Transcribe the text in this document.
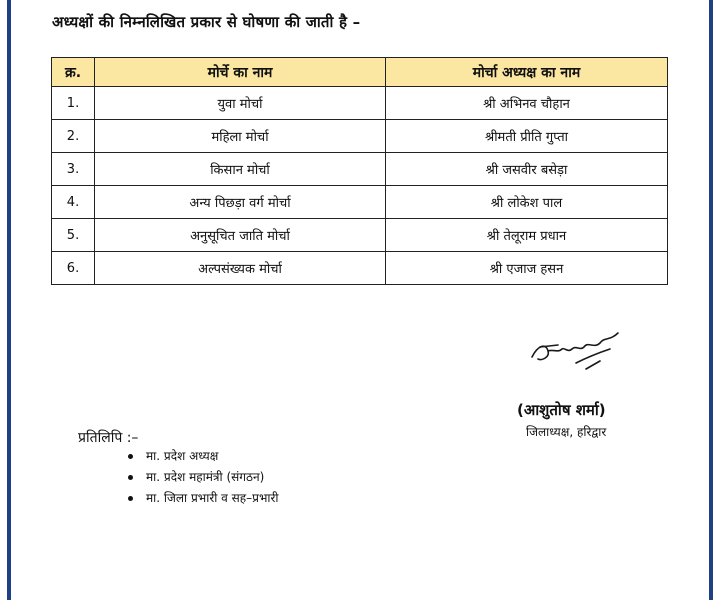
अध्यक्षों की निम्नलिखित प्रकार से घोषणा की जाती है –
क्र.	मोर्चे का नाम	मोर्चा अध्यक्ष का नाम
1.	युवा मोर्चा	श्री अभिनव चौहान
2.	महिला मोर्चा	श्रीमती प्रीति गुप्ता
3.	किसान मोर्चा	श्री जसवीर बसेड़ा
4.	अन्य पिछड़ा वर्ग मोर्चा	श्री लोकेश पाल
5.	अनुसूचित जाति मोर्चा	श्री तेलूराम प्रधान
6.	अल्पसंख्यक मोर्चा	श्री एजाज हसन
(आशुतोष शर्मा)
जिलाध्यक्ष, हरिद्वार
प्रतिलिपि :–
मा. प्रदेश अध्यक्ष
मा. प्रदेश महामंत्री (संगठन)
मा. जिला प्रभारी व सह–प्रभारी
